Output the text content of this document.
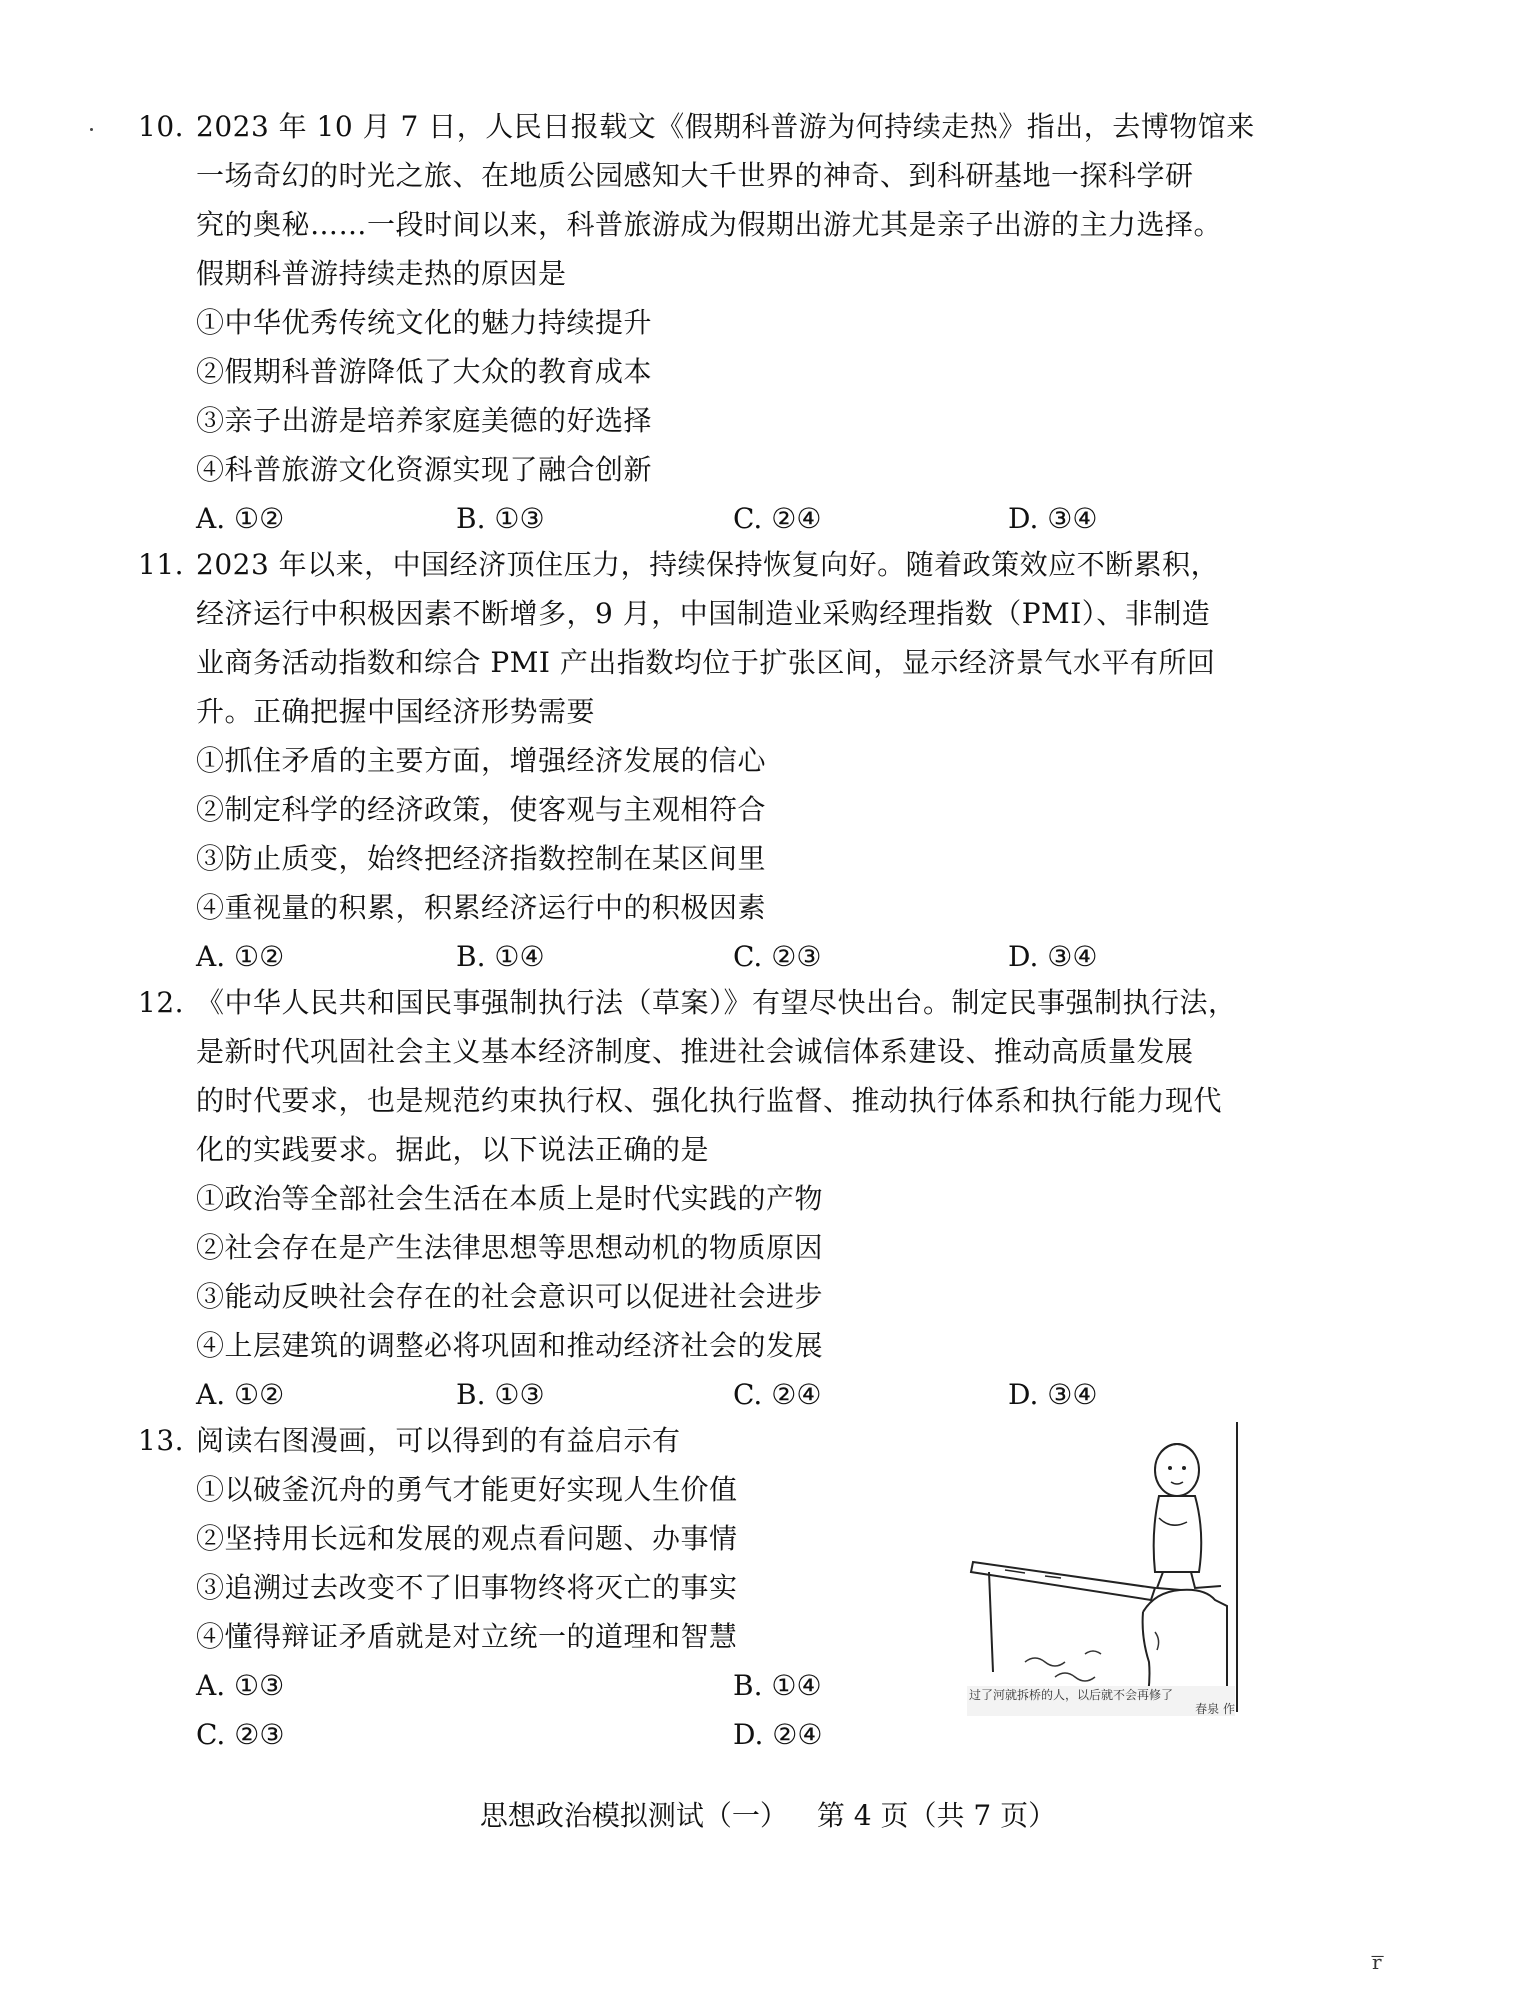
10. 2023 年 10 月 7 日，人民日报载文《假期科普游为何持续走热》指出，去博物馆来
一场奇幻的时光之旅、在地质公园感知大千世界的神奇、到科研基地一探科学研
究的奥秘……一段时间以来，科普旅游成为假期出游尤其是亲子出游的主力选择。
假期科普游持续走热的原因是
①中华优秀传统文化的魅力持续提升
②假期科普游降低了大众的教育成本
③亲子出游是培养家庭美德的好选择
④科普旅游文化资源实现了融合创新
A. ①②	B. ①③	C. ②④	D. ③④
11. 2023 年以来，中国经济顶住压力，持续保持恢复向好。随着政策效应不断累积，
经济运行中积极因素不断增多，9 月，中国制造业采购经理指数（PMI）、非制造
业商务活动指数和综合 PMI 产出指数均位于扩张区间，显示经济景气水平有所回
升。正确把握中国经济形势需要
①抓住矛盾的主要方面，增强经济发展的信心
②制定科学的经济政策，使客观与主观相符合
③防止质变，始终把经济指数控制在某区间里
④重视量的积累，积累经济运行中的积极因素
A. ①②	B. ①④	C. ②③	D. ③④
12. 《中华人民共和国民事强制执行法（草案）》有望尽快出台。制定民事强制执行法，
是新时代巩固社会主义基本经济制度、推进社会诚信体系建设、推动高质量发展
的时代要求，也是规范约束执行权、强化执行监督、推动执行体系和执行能力现代
化的实践要求。据此，以下说法正确的是
①政治等全部社会生活在本质上是时代实践的产物
②社会存在是产生法律思想等思想动机的物质原因
③能动反映社会存在的社会意识可以促进社会进步
④上层建筑的调整必将巩固和推动经济社会的发展
A. ①②	B. ①③	C. ②④	D. ③④
13. 阅读右图漫画，可以得到的有益启示有
①以破釜沉舟的勇气才能更好实现人生价值
②坚持用长远和发展的观点看问题、办事情
③追溯过去改变不了旧事物终将灭亡的事实
④懂得辩证矛盾就是对立统一的道理和智慧
A. ①③	B. ①④
C. ②③	D. ②④
过了河就拆桥的人，以后就不会再修了
春泉 作
思想政治模拟测试（一） 第 4 页（共 7 页）
͞r
